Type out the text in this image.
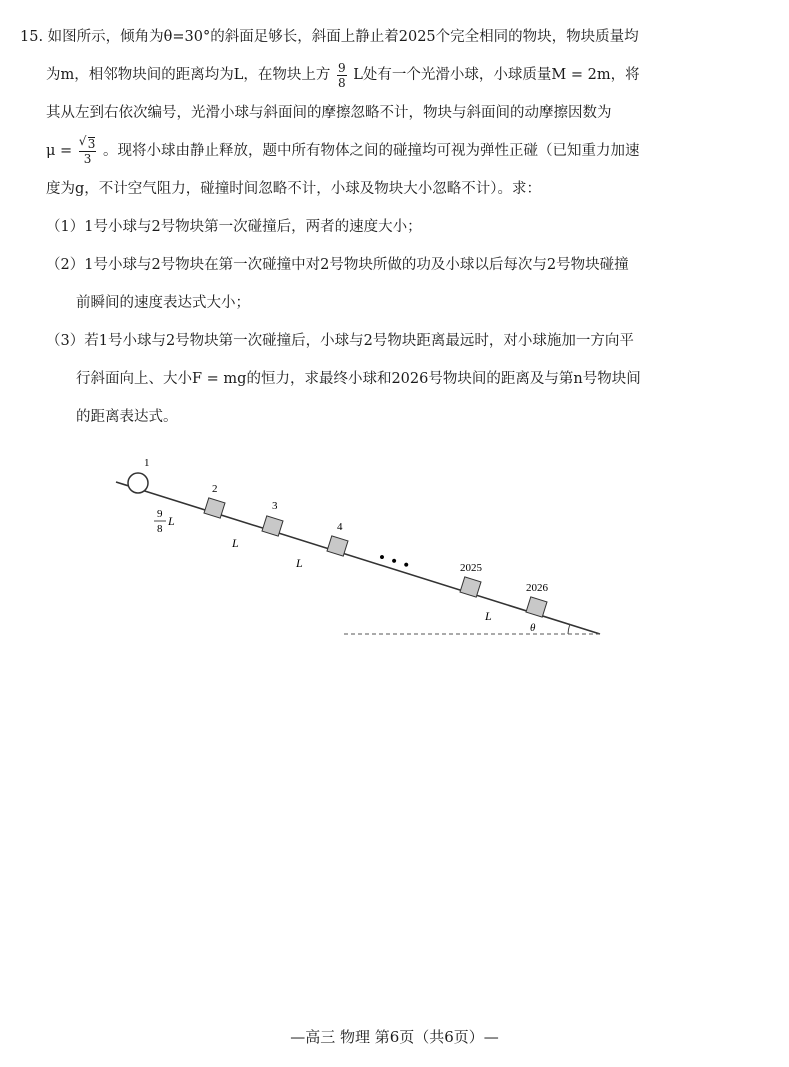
15. 如图所示，倾角为θ=30°的斜面足够长，斜面上静止着2025个完全相同的物块，物块质量均
为m，相邻物块间的距离均为L，在物块上方 $\frac{9}{8}$ L处有一个光滑小球，小球质量M = 2m，将
其从左到右依次编号，光滑小球与斜面间的摩擦忽略不计，物块与斜面间的动摩擦因数为
μ =
√ $\frac{3}{3}$ 。现将小球由静止释放，题中所有物体之间的碰撞均可视为弹性正碰（已知重力加速
度为g，不计空气阻力，碰撞时间忽略不计，小球及物块大小忽略不计）。求：
（1）1号小球与2号物块第一次碰撞后，两者的速度大小；
（2）1号小球与2号物块在第一次碰撞中对2号物块所做的功及小球以后每次与2号物块碰撞
前瞬间的速度表达式大小；
（3）若1号小球与2号物块第一次碰撞后，小球与2号物块距离最远时，对小球施加一方向平
行斜面向上、大小F = mg的恒力，求最终小球和2026号物块间的距离及与第n号物块间
的距离表达式。
1
2
3
4
2025
2026
• • •
9
8
L
L
L
L
θ
—高三 物理 第6页（共6页）—
